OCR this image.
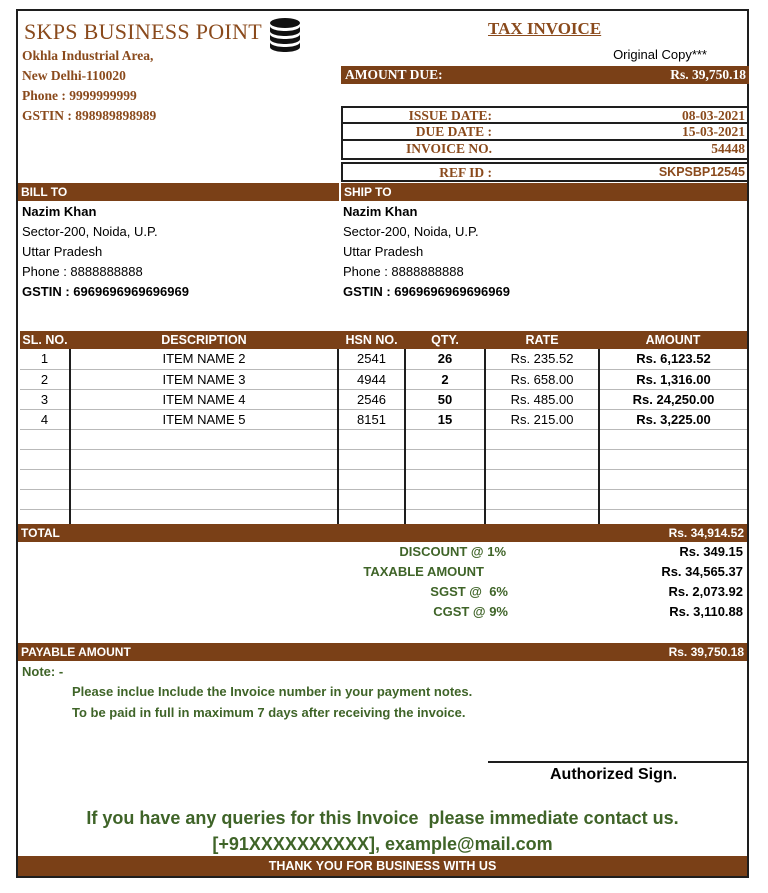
SKPS BUSINESS POINT
Okhla Industrial Area,
New Delhi-110020
Phone : 9999999999
GSTIN : 898989898989
TAX INVOICE
Original Copy***
AMOUNT DUE:	Rs. 39,750.18
ISSUE DATE:	08-03-2021
DUE DATE :	15-03-2021
INVOICE NO.	54448
REF ID :	SKPSBP12545
BILL TO	SHIP TO
Nazim Khan
Sector-200, Noida, U.P.
Uttar Pradesh
Phone : 8888888888
GSTIN : 6969696969696969
Nazim Khan
Sector-200, Noida, U.P.
Uttar Pradesh
Phone : 8888888888
GSTIN : 6969696969696969
SL. NO.	DESCRIPTION	HSN NO.	QTY.	RATE	AMOUNT
1	ITEM NAME 2	2541	26	Rs. 235.52	Rs. 6,123.52
2	ITEM NAME 3	4944	2	Rs. 658.00	Rs. 1,316.00
3	ITEM NAME 4	2546	50	Rs. 485.00	Rs. 24,250.00
4	ITEM NAME 5	8151	15	Rs. 215.00	Rs. 3,225.00

TOTAL	Rs. 34,914.52
DISCOUNT @ 1%	Rs. 349.15
TAXABLE AMOUNT	Rs. 34,565.37
SGST @  6%	Rs. 2,073.92
CGST @ 9%	Rs. 3,110.88
PAYABLE AMOUNT	Rs. 39,750.18
Note: -
Please inclue Include the Invoice number in your payment notes.
To be paid in full in maximum 7 days after receiving the invoice.
Authorized Sign.
If you have any queries for this Invoice  please immediate contact us.
[+91XXXXXXXXXX], example@mail.com
THANK YOU FOR BUSINESS WITH US
